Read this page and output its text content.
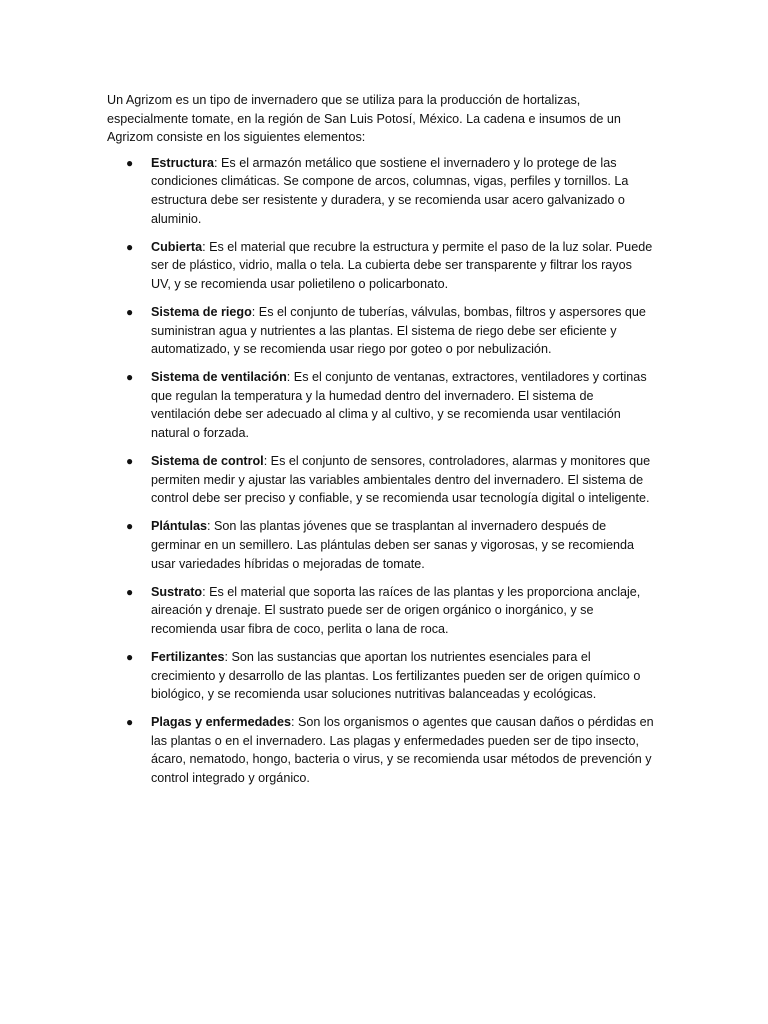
Un Agrizom es un tipo de invernadero que se utiliza para la producción de hortalizas, especialmente tomate, en la región de San Luis Potosí, México. La cadena e insumos de un Agrizom consiste en los siguientes elementos:

● Estructura: Es el armazón metálico que sostiene el invernadero y lo protege de las condiciones climáticas. Se compone de arcos, columnas, vigas, perfiles y tornillos. La estructura debe ser resistente y duradera, y se recomienda usar acero galvanizado o aluminio.
● Cubierta: Es el material que recubre la estructura y permite el paso de la luz solar. Puede ser de plástico, vidrio, malla o tela. La cubierta debe ser transparente y filtrar los rayos UV, y se recomienda usar polietileno o policarbonato.
● Sistema de riego: Es el conjunto de tuberías, válvulas, bombas, filtros y aspersores que suministran agua y nutrientes a las plantas. El sistema de riego debe ser eficiente y automatizado, y se recomienda usar riego por goteo o por nebulización.
● Sistema de ventilación: Es el conjunto de ventanas, extractores, ventiladores y cortinas que regulan la temperatura y la humedad dentro del invernadero. El sistema de ventilación debe ser adecuado al clima y al cultivo, y se recomienda usar ventilación natural o forzada.
● Sistema de control: Es el conjunto de sensores, controladores, alarmas y monitores que permiten medir y ajustar las variables ambientales dentro del invernadero. El sistema de control debe ser preciso y confiable, y se recomienda usar tecnología digital o inteligente.
● Plántulas: Son las plantas jóvenes que se trasplantan al invernadero después de germinar en un semillero. Las plántulas deben ser sanas y vigorosas, y se recomienda usar variedades híbridas o mejoradas de tomate.
● Sustrato: Es el material que soporta las raíces de las plantas y les proporciona anclaje, aireación y drenaje. El sustrato puede ser de origen orgánico o inorgánico, y se recomienda usar fibra de coco, perlita o lana de roca.
● Fertilizantes: Son las sustancias que aportan los nutrientes esenciales para el crecimiento y desarrollo de las plantas. Los fertilizantes pueden ser de origen químico o biológico, y se recomienda usar soluciones nutritivas balanceadas y ecológicas.
● Plagas y enfermedades: Son los organismos o agentes que causan daños o pérdidas en las plantas o en el invernadero. Las plagas y enfermedades pueden ser de tipo insecto, ácaro, nematodo, hongo, bacteria o virus, y se recomienda usar métodos de prevención y control integrado y orgánico.
